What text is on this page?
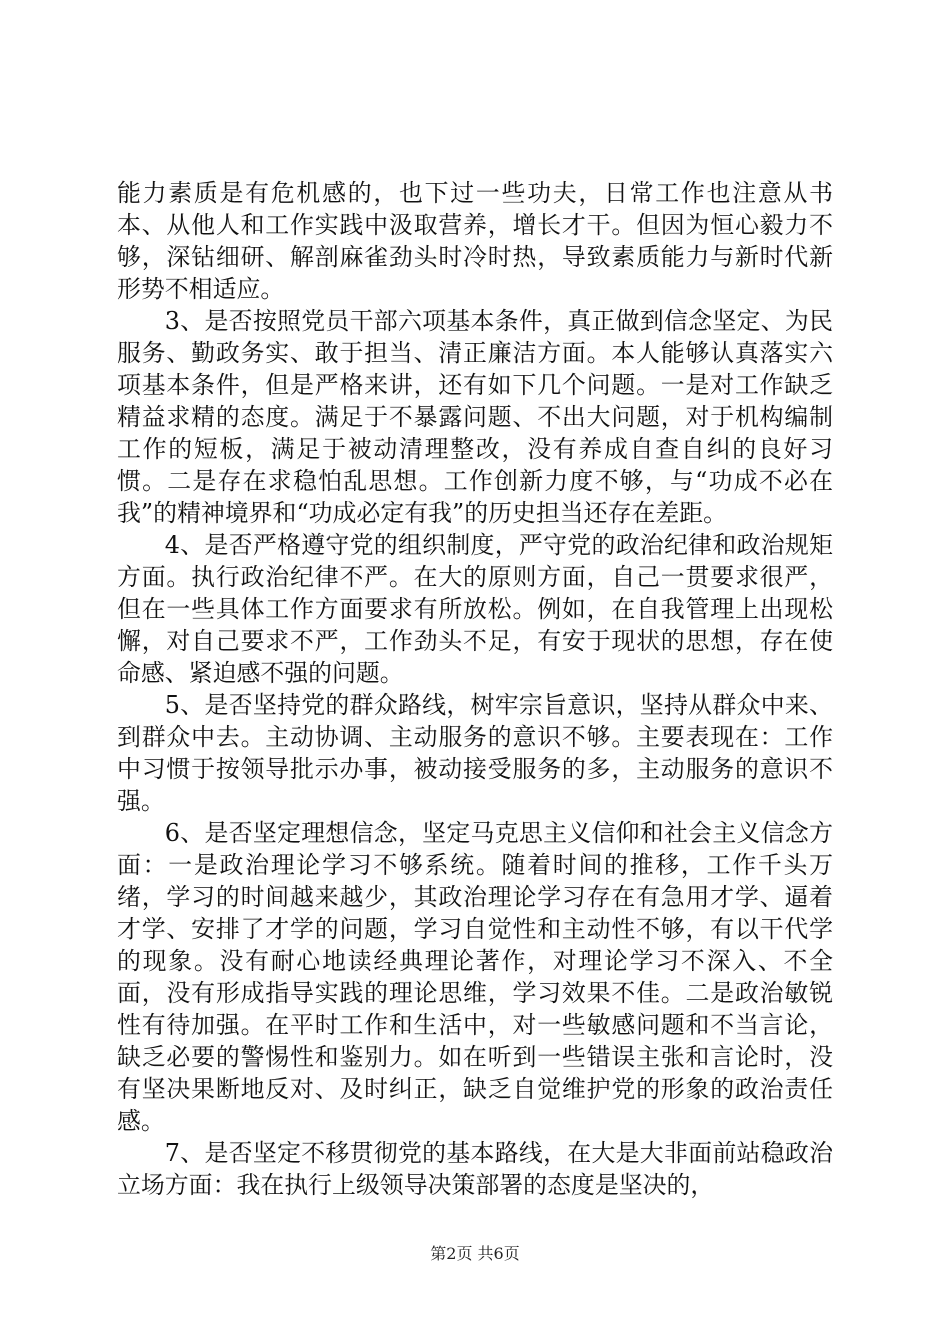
能力素质是有危机感的，也下过一些功夫，日常工作也注意从书本、从他人和工作实践中汲取营养，增长才干。但因为恒心毅力不够，深钻细研、解剖麻雀劲头时冷时热，导致素质能力与新时代新形势不相适应。

3、是否按照党员干部六项基本条件，真正做到信念坚定、为民服务、勤政务实、敢于担当、清正廉洁方面。本人能够认真落实六项基本条件，但是严格来讲，还有如下几个问题。一是对工作缺乏精益求精的态度。满足于不暴露问题、不出大问题，对于机构编制工作的短板，满足于被动清理整改，没有养成自查自纠的良好习惯。二是存在求稳怕乱思想。工作创新力度不够，与“功成不必在我”的精神境界和“功成必定有我”的历史担当还存在差距。

4、是否严格遵守党的组织制度，严守党的政治纪律和政治规矩方面。执行政治纪律不严。在大的原则方面，自己一贯要求很严，但在一些具体工作方面要求有所放松。例如，在自我管理上出现松懈，对自己要求不严，工作劲头不足，有安于现状的思想，存在使命感、紧迫感不强的问题。

5、是否坚持党的群众路线，树牢宗旨意识，坚持从群众中来、到群众中去。主动协调、主动服务的意识不够。主要表现在：工作中习惯于按领导批示办事，被动接受服务的多，主动服务的意识不强。

6、是否坚定理想信念，坚定马克思主义信仰和社会主义信念方面：一是政治理论学习不够系统。随着时间的推移，工作千头万绪，学习的时间越来越少，其政治理论学习存在有急用才学、逼着才学、安排了才学的问题，学习自觉性和主动性不够，有以干代学的现象。没有耐心地读经典理论著作，对理论学习不深入、不全面，没有形成指导实践的理论思维，学习效果不佳。二是政治敏锐性有待加强。在平时工作和生活中，对一些敏感问题和不当言论，缺乏必要的警惕性和鉴别力。如在听到一些错误主张和言论时，没有坚决果断地反对、及时纠正，缺乏自觉维护党的形象的政治责任感。

7、是否坚定不移贯彻党的基本路线，在大是大非面前站稳政治立场方面：我在执行上级领导决策部署的态度是坚决的，

第2页 共6页
